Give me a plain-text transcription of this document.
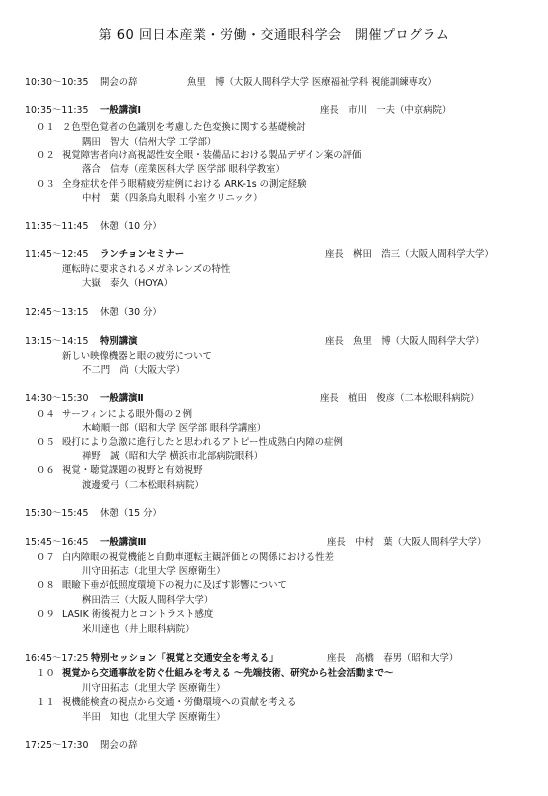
第 60 回日本産業・労働・交通眼科学会　開催プログラム
10:30～10:35 開会の辞	魚里　博（大阪人間科学大学 医療福祉学科 視能訓練専攻）
10:35～11:35 一般講演Ⅰ	座長　市川　一夫（中京病院）
０１ ２色型色覚者の色識別を考慮した色変換に関する基礎検討
隅田　智大（信州大学 工学部）
０２ 視覚障害者向け高視認性安全眼・装備品における製品デザイン案の評価
落合　信寿（産業医科大学 医学部 眼科学教室）
０３ 全身症状を伴う眼精疲労症例における ARK-1s の測定経験
中村　葉（四条烏丸眼科 小室クリニック）
11:35～11:45 休憩（10 分）
11:45～12:45 ランチョンセミナー	座長　桝田　浩三（大阪人間科学大学）
運転時に要求されるメガネレンズの特性
大嶽　泰久（HOYA）
12:45～13:15 休憩（30 分）
13:15～14:15 特別講演	座長　魚里　博（大阪人間科学大学）
新しい映像機器と眼の疲労について
不二門　尚（大阪大学）
14:30～15:30 一般講演Ⅱ	座長　植田　俊彦（二本松眼科病院）
０４ サーフィンによる眼外傷の２例
木崎順一郎（昭和大学 医学部 眼科学講座）
０５ 殴打により急激に進行したと思われるアトピー性成熟白内障の症例
禅野　誠（昭和大学 横浜市北部病院眼科）
０６ 視覚・聴覚課題の視野と有効視野
渡邊愛弓（二本松眼科病院）
15:30～15:45 休憩（15 分）
15:45～16:45 一般講演Ⅲ	座長　中村　葉（大阪人間科学大学）
０７ 白内障眼の視覚機能と自動車運転主観評価との関係における性差
川守田拓志（北里大学 医療衛生）
０８ 眼瞼下垂が低照度環境下の視力に及ぼす影響について
桝田浩三（大阪人間科学大学）
０９ LASIK 術後視力とコントラスト感度
米川達也（井上眼科病院）
16:45～17:25 特別セッション「視覚と交通安全を考える」	座長　高橋　春男（昭和大学）
１０ 視覚から交通事故を防ぐ仕組みを考える ～先端技術、研究から社会活動まで～
川守田拓志（北里大学 医療衛生）
１１ 視機能検査の視点から交通・労働環境への貢献を考える
半田　知也（北里大学 医療衛生）
17:25～17:30 閉会の辞
